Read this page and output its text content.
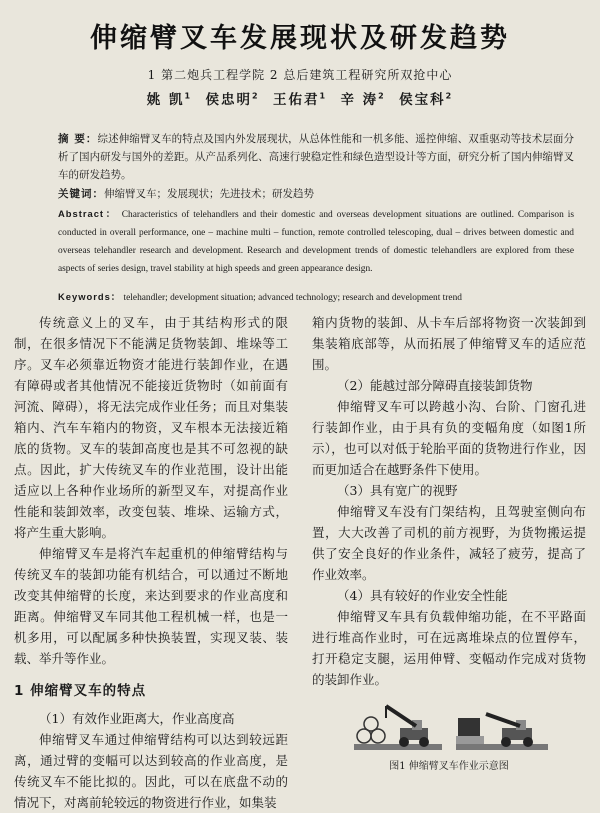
伸缩臂叉车发展现状及研发趋势
1 第二炮兵工程学院 2 总后建筑工程研究所双抢中心
姚 凯$^1$ 侯忠明$^2$ 王佑君$^1$ 辛 涛$^2$ 侯宝科$^2$
摘 要：综述伸缩臂叉车的特点及国内外发展现状，从总体性能和一机多能、遥控伸缩、双重驱动等技术层面分析了国内研发与国外的差距。从产品系列化、高速行驶稳定性和绿色造型设计等方面，研究分析了国内伸缩臂叉车的研发趋势。
关键词：伸缩臂叉车；发展现状；先进技术；研发趋势
Abstract： Characteristics of telehandlers and their domestic and overseas development situations are outlined. Comparison is conducted in overall performance, one – machine multi – function, remote controlled telescoping, dual – drives between domestic and overseas telehandler research and development. Research and development trends of domestic telehandlers are explored from these aspects of series design, travel stability at high speeds and green appearance design.
Keywords： telehandler; development situation; advanced technology; research and development trend

传统意义上的叉车，由于其结构形式的限制，在很多情况下不能满足货物装卸、堆垛等工序。叉车必须靠近物资才能进行装卸作业，在遇有障碍或者其他情况不能接近货物时（如前面有河流、障碍），将无法完成作业任务；而且对集装箱内、汽车车箱内的物资，叉车根本无法接近箱底的货物。叉车的装卸高度也是其不可忽视的缺点。因此，扩大传统叉车的作业范围，设计出能适应以上各种作业场所的新型叉车，对提高作业性能和装卸效率，改变包装、堆垛、运输方式，将产生重大影响。

伸缩臂叉车是将汽车起重机的伸缩臂结构与传统叉车的装卸功能有机结合，可以通过不断地改变其伸缩臂的长度，来达到要求的作业高度和距离。伸缩臂叉车同其他工程机械一样，也是一机多用，可以配属多种快换装置，实现叉装、装载、举升等作业。

1 伸缩臂叉车的特点

（1）有效作业距离大，作业高度高

伸缩臂叉车通过伸缩臂结构可以达到较远距离，通过臂的变幅可以达到较高的作业高度，是传统叉车不能比拟的。因此，可以在底盘不动的情况下，对离前轮较远的物资进行作业，如集装

箱内货物的装卸、从卡车后部将物资一次装卸到集装箱底部等，从而拓展了伸缩臂叉车的适应范围。

（2）能越过部分障碍直接装卸货物

伸缩臂叉车可以跨越小沟、台阶、门窗孔进行装卸作业，由于具有负的变幅角度（如图1所示），也可以对低于轮胎平面的货物进行作业，因而更加适合在越野条件下使用。

（3）具有宽广的视野

伸缩臂叉车没有门架结构，且驾驶室侧向布置，大大改善了司机的前方视野，为货物搬运提供了安全良好的作业条件，减轻了疲劳，提高了作业效率。

（4）具有较好的作业安全性能

伸缩臂叉车具有负载伸缩功能，在不平路面进行堆高作业时，可在远离堆垛点的位置停车，打开稳定支腿，运用伸臂、变幅动作完成对货物的装卸作业。

图1 伸缩臂叉车作业示意图
